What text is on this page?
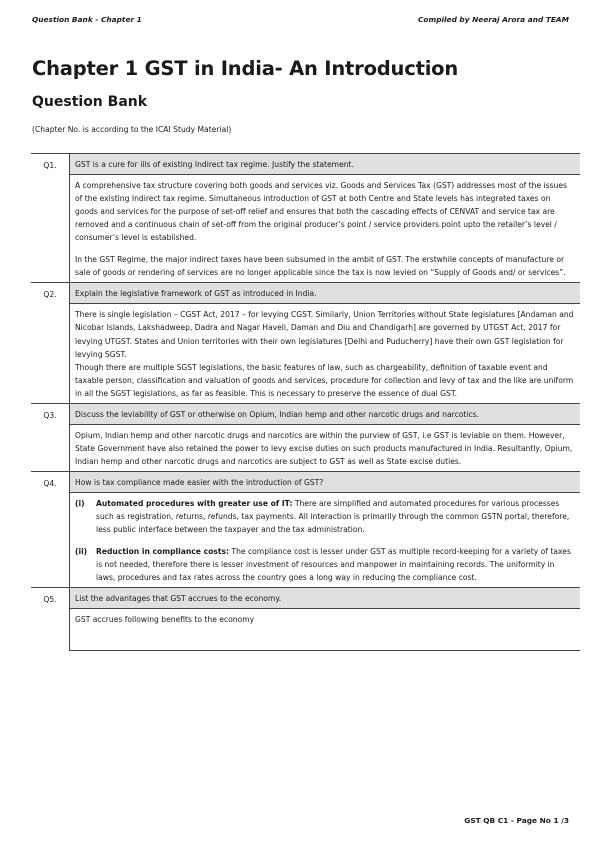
Question Bank - Chapter 1	Compiled by Neeraj Arora and TEAM
Chapter 1 GST in India- An Introduction
Question Bank
(Chapter No. is according to the ICAI Study Material)
Q1.	GST is a cure for ills of existing Indirect tax regime. Justify the statement.

	A comprehensive tax structure covering both goods and services viz. Goods and Services Tax (GST) addresses most of the issues of the existing Indirect tax regime. Simultaneous introduction of GST at both Centre and State levels has integrated taxes on goods and services for the purpose of set-off relief and ensures that both the cascading effects of CENVAT and service tax are removed and a continuous chain of set-off from the original producer’s point / service providers point upto the retailer’s level / consumer’s level is established.

In the GST Regime, the major indirect taxes have been subsumed in the ambit of GST. The erstwhile concepts of manufacture or sale of goods or rendering of services are no longer applicable since the tax is now levied on “Supply of Goods and/ or services”.

Q2.	Explain the legislative framework of GST as introduced in India.

	There is single legislation – CGST Act, 2017 – for levying CGST. Similarly, Union Territories without State legislatures [Andaman and Nicobar Islands, Lakshadweep, Dadra and Nagar Haveli, Daman and Diu and Chandigarh] are governed by UTGST Act, 2017 for levying UTGST. States and Union territories with their own legislatures [Delhi and Puducherry] have their own GST legislation for levying SGST.

Though there are multiple SGST legislations, the basic features of law, such as chargeability, definition of taxable event and taxable person, classification and valuation of goods and services, procedure for collection and levy of tax and the like are uniform in all the SGST legislations, as far as feasible. This is necessary to preserve the essence of dual GST.

Q3.	Discuss the leviability of GST or otherwise on Opium, Indian hemp and other narcotic drugs and narcotics.

	Opium, Indian hemp and other narcotic drugs and narcotics are within the purview of GST, i.e GST is leviable on them. However, State Government have also retained the power to levy excise duties on such products manufactured in India. Resultantly, Opium, Indian hemp and other narcotic drugs and narcotics are subject to GST as well as State excise duties.

Q4.	How is tax compliance made easier with the introduction of GST?

	(i) Automated procedures with greater use of IT: There are simplified and automated procedures for various processes such as registration, returns, refunds, tax payments. All interaction is primarily through the common GSTN portal, therefore, less public interface between the taxpayer and the tax administration.
(ii) Reduction in compliance costs: The compliance cost is lesser under GST as multiple record-keeping for a variety of taxes is not needed, therefore there is lesser investment of resources and manpower in maintaining records. The uniformity in laws, procedures and tax rates across the country goes a long way in reducing the compliance cost.

Q5.	List the advantages that GST accrues to the economy.

	GST accrues following benefits to the economy

GST QB C1 - Page No 1 /3
